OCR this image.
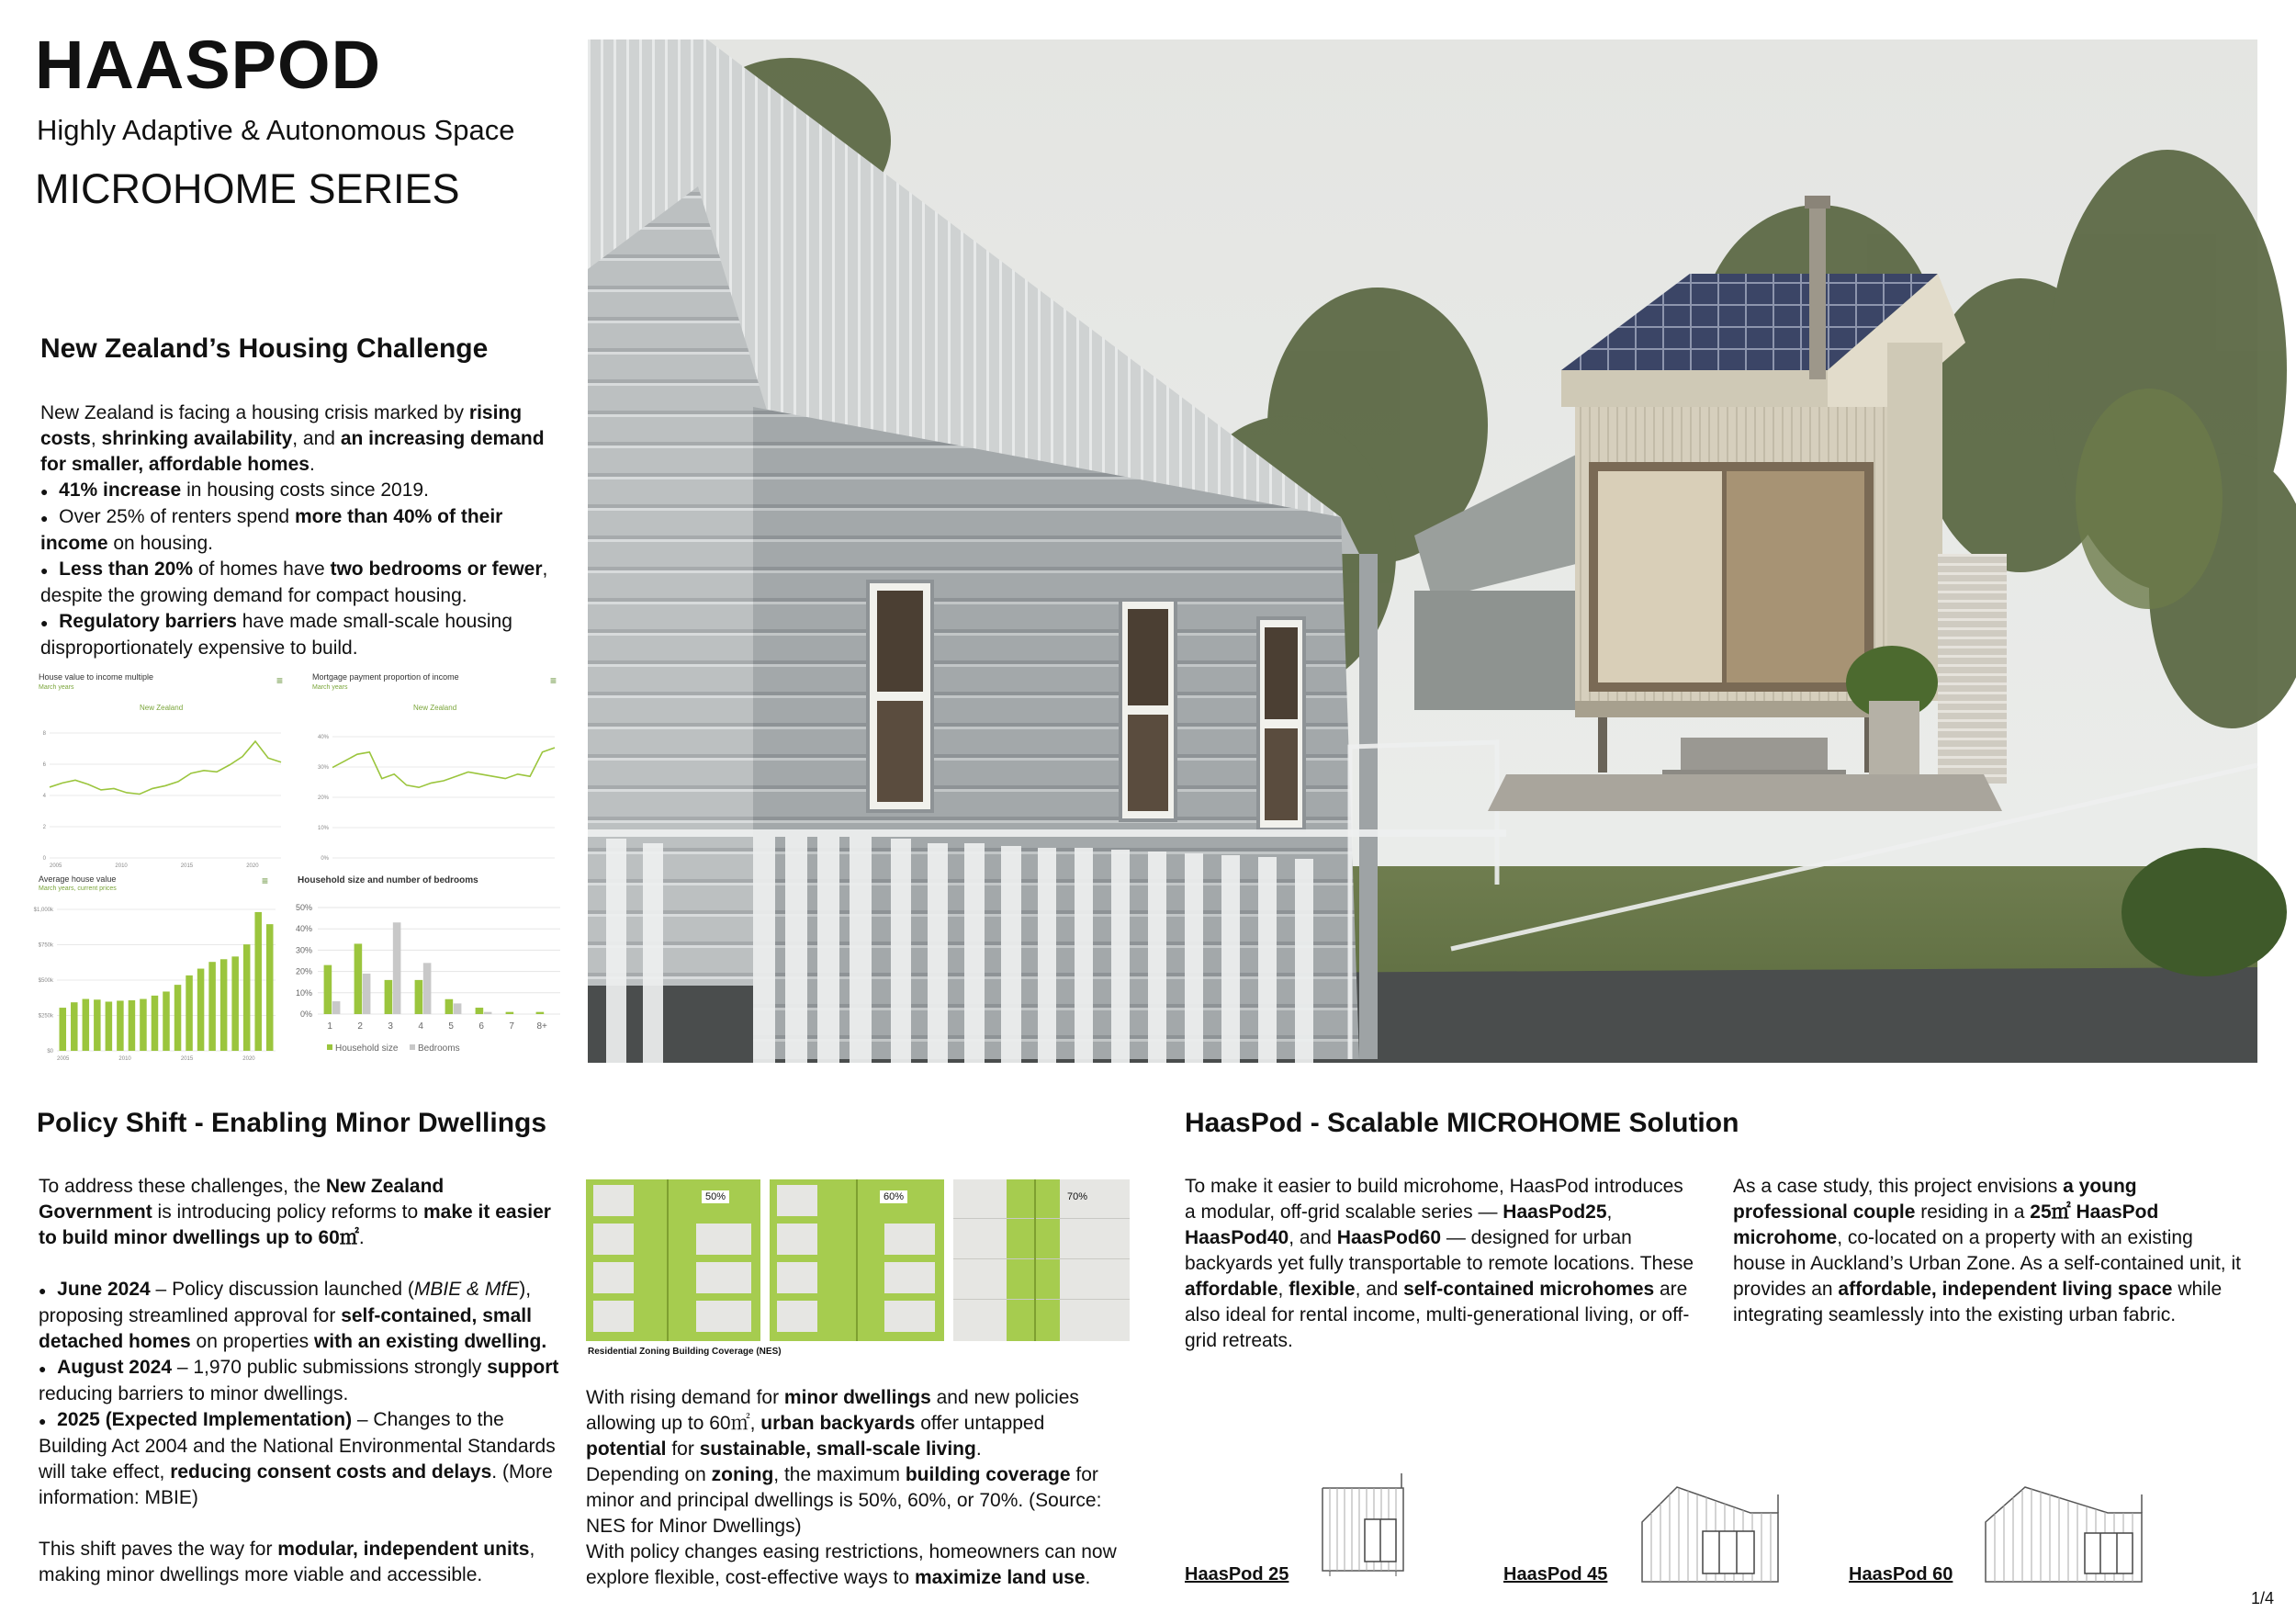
HAASPOD
Highly Adaptive & Autonomous Space
MICROHOME SERIES
New Zealand’s Housing Challenge

New Zealand is facing a housing crisis marked by rising costs, shrinking availability, and an increasing demand for smaller, affordable homes.

● 41% increase in housing costs since 2019.

● Over 25% of renters spend more than 40% of their income on housing.

● Less than 20% of homes have two bedrooms or fewer, despite the growing demand for compact housing.

● Regulatory barriers have made small-scale housing disproportionately expensive to build.

House value to income multiple
March years
New Zealand
≡
8
6
4
2
0
2005	2010	2015	2020
Mortgage payment proportion of income
March years
New Zealand
≡
40%
30%
20%
10%
0%
Average house value
March years, current prices
≡
$1,000k
$750k
$500k
$250k
$0
2005	2010	2015	2020
Household size and number of bedrooms
50%
40%
30%
20%
10%
0%
1	2	3	4	5	6	7 8+
Household size Bedrooms
Policy Shift - Enabling Minor Dwellings

To address these challenges, the New Zealand Government is introducing policy reforms to make it easier to build minor dwellings up to 60㎡.

● June 2024 – Policy discussion launched (MBIE & MfE), proposing streamlined approval for self-contained, small detached homes on properties with an existing dwelling.

● August 2024 – 1,970 public submissions strongly support reducing barriers to minor dwellings.

● 2025 (Expected Implementation) – Changes to the Building Act 2004 and the National Environmental Standards will take effect, reducing consent costs and delays. (More information: MBIE)

This shift paves the way for modular, independent units, making minor dwellings more viable and accessible.

50%	60%	70%
Residential Zoning Building Coverage (NES)

With rising demand for minor dwellings and new policies allowing up to 60㎡, urban backyards offer untapped potential for sustainable, small-scale living.

Depending on zoning, the maximum building coverage for minor and principal dwellings is 50%, 60%, or 70%. (Source: NES for Minor Dwellings)

With policy changes easing restrictions, homeowners can now explore flexible, cost-effective ways to maximize land use.

HaasPod - Scalable MICROHOME Solution

To make it easier to build microhome, HaasPod introduces a modular, off-grid scalable series — HaasPod25, HaasPod40, and HaasPod60 — designed for urban backyards yet fully transportable to remote locations. These affordable, flexible, and self-contained microhomes are also ideal for rental income, multi-generational living, or off-grid retreats.

As a case study, this project envisions a young professional couple residing in a 25㎡ HaasPod microhome, co-located on a property with an existing house in Auckland’s Urban Zone. As a self-contained unit, it provides an affordable, independent living space while integrating seamlessly into the existing urban fabric.

HaasPod 25	HaasPod 45	HaasPod 60
1/4
